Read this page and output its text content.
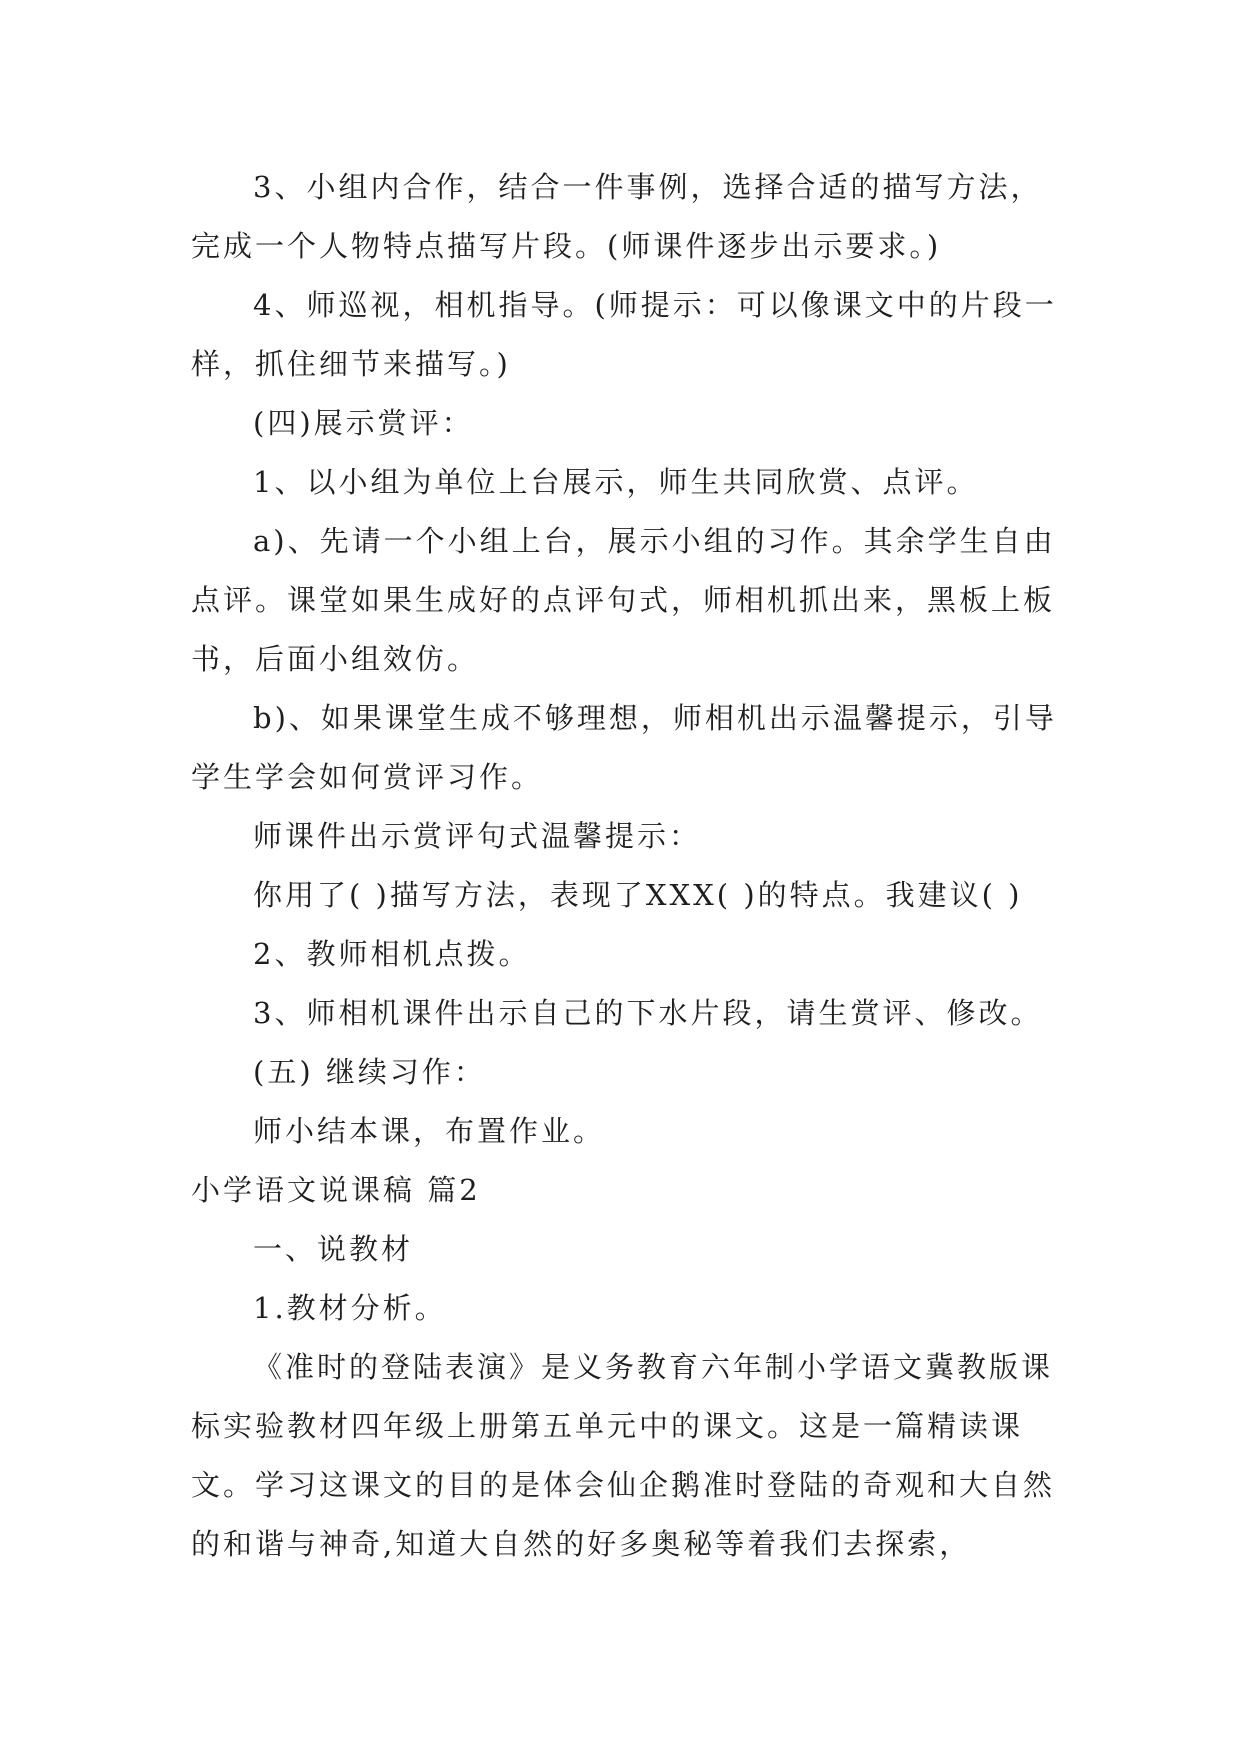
3、小组内合作，结合一件事例，选择合适的描写方法，完成一个人物特点描写片段。(师课件逐步出示要求。)

4、师巡视，相机指导。(师提示：可以像课文中的片段一样，抓住细节来描写。)

(四)展示赏评：

1、以小组为单位上台展示，师生共同欣赏、点评。

a)、先请一个小组上台，展示小组的习作。其余学生自由点评。课堂如果生成好的点评句式，师相机抓出来，黑板上板书，后面小组效仿。

b)、如果课堂生成不够理想，师相机出示温馨提示，引导学生学会如何赏评习作。

师课件出示赏评句式温馨提示：

你用了( )描写方法，表现了XXX( )的特点。我建议( )

2、教师相机点拨。

3、师相机课件出示自己的下水片段，请生赏评、修改。

(五) 继续习作：

师小结本课，布置作业。

小学语文说课稿 篇2

一、说教材

1.教材分析。

《准时的登陆表演》是义务教育六年制小学语文冀教版课标实验教材四年级上册第五单元中的课文。这是一篇精读课文。学习这课文的目的是体会仙企鹅准时登陆的奇观和大自然的和谐与神奇,知道大自然的好多奥秘等着我们去探索，
